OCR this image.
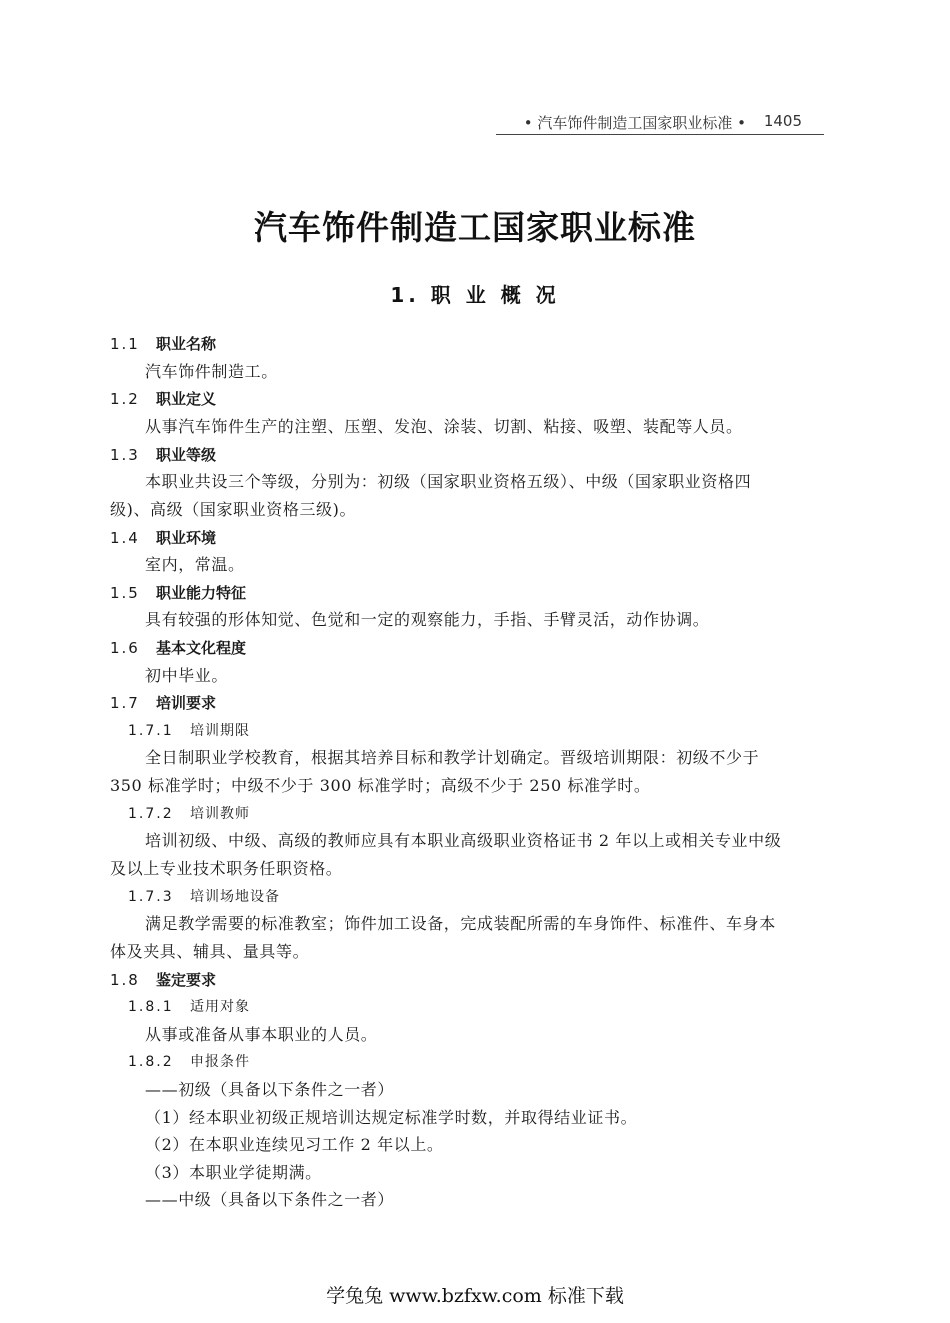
• 汽车饰件制造工国家职业标准 • 1405
汽车饰件制造工国家职业标准
1. 职 业 概 况
1.1 职业名称
汽车饰件制造工。
1.2 职业定义
从事汽车饰件生产的注塑、压塑、发泡、涂装、切割、粘接、吸塑、装配等人员。
1.3 职业等级
本职业共设三个等级，分别为：初级（国家职业资格五级）、中级（国家职业资格四
级)、高级（国家职业资格三级)。
1.4 职业环境
室内，常温。
1.5 职业能力特征
具有较强的形体知觉、色觉和一定的观察能力，手指、手臂灵活，动作协调。
1.6 基本文化程度
初中毕业。
1.7 培训要求
1.7.1 培训期限
全日制职业学校教育，根据其培养目标和教学计划确定。晋级培训期限：初级不少于
350 标准学时；中级不少于 300 标准学时；高级不少于 250 标准学时。
1.7.2 培训教师
培训初级、中级、高级的教师应具有本职业高级职业资格证书 2 年以上或相关专业中级
及以上专业技术职务任职资格。
1.7.3 培训场地设备
满足教学需要的标准教室；饰件加工设备，完成装配所需的车身饰件、标准件、车身本
体及夹具、辅具、量具等。
1.8 鉴定要求
1.8.1 适用对象
从事或准备从事本职业的人员。
1.8.2 申报条件
——初级（具备以下条件之一者）
（1）经本职业初级正规培训达规定标准学时数，并取得结业证书。
（2）在本职业连续见习工作 2 年以上。
（3）本职业学徒期满。
——中级（具备以下条件之一者）
学兔兔 www.bzfxw.com 标准下载
